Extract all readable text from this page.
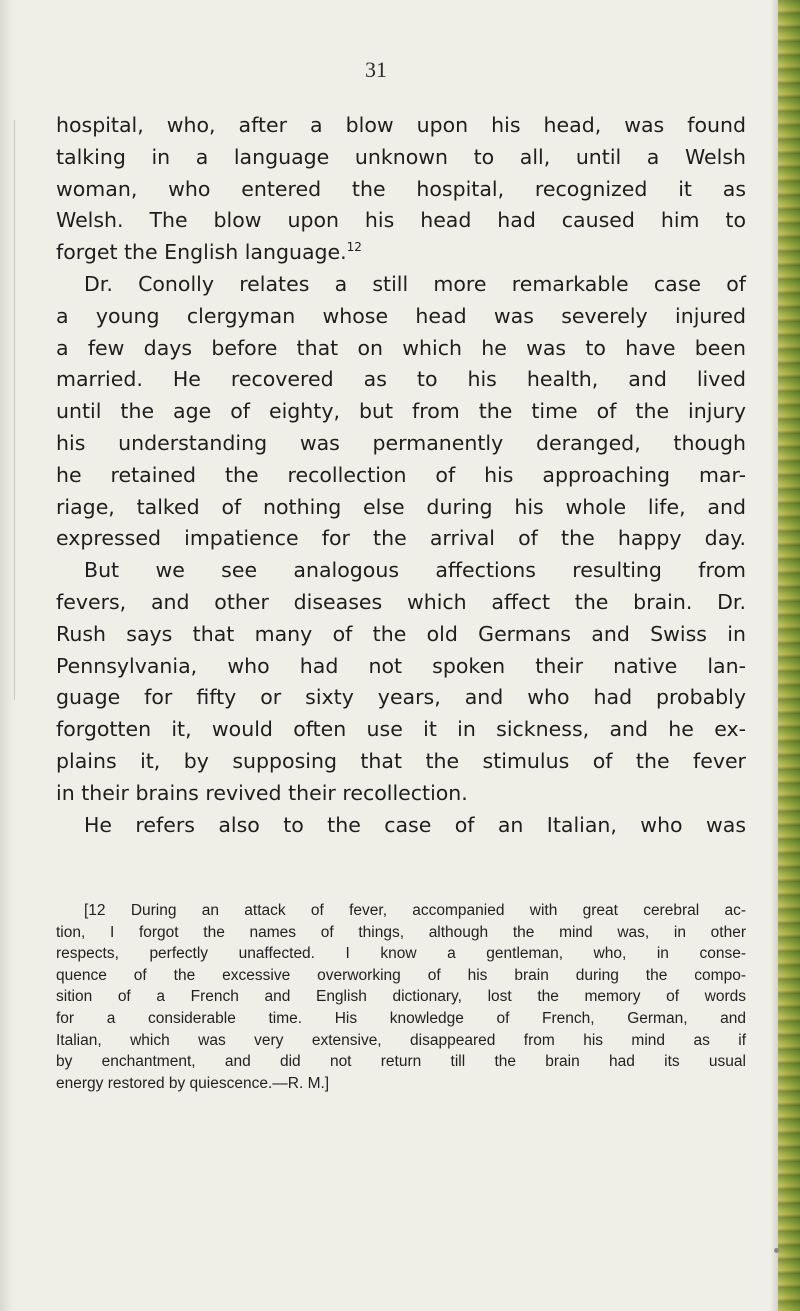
31
hospital, who, after a blow upon his head, was found
talking in a language unknown to all, until a Welsh
woman, who entered the hospital, recognized it as
Welsh. The blow upon his head had caused him to
forget the English language.$^{12}$
Dr. Conolly relates a still more remarkable case of
a young clergyman whose head was severely injured
a few days before that on which he was to have been
married. He recovered as to his health, and lived
until the age of eighty, but from the time of the injury
his understanding was permanently deranged, though
he retained the recollection of his approaching mar-
riage, talked of nothing else during his whole life, and
expressed impatience for the arrival of the happy day.
But we see analogous affections resulting from
fevers, and other diseases which affect the brain. Dr.
Rush says that many of the old Germans and Swiss in
Pennsylvania, who had not spoken their native lan-
guage for fifty or sixty years, and who had probably
forgotten it, would often use it in sickness, and he ex-
plains it, by supposing that the stimulus of the fever
in their brains revived their recollection.
He refers also to the case of an Italian, who was
[12 During an attack of fever, accompanied with great cerebral ac-
tion, I forgot the names of things, although the mind was, in other
respects, perfectly unaffected. I know a gentleman, who, in conse-
quence of the excessive overworking of his brain during the compo-
sition of a French and English dictionary, lost the memory of words
for a considerable time. His knowledge of French, German, and
Italian, which was very extensive, disappeared from his mind as if
by enchantment, and did not return till the brain had its usual
energy restored by quiescence.—R. M.]
